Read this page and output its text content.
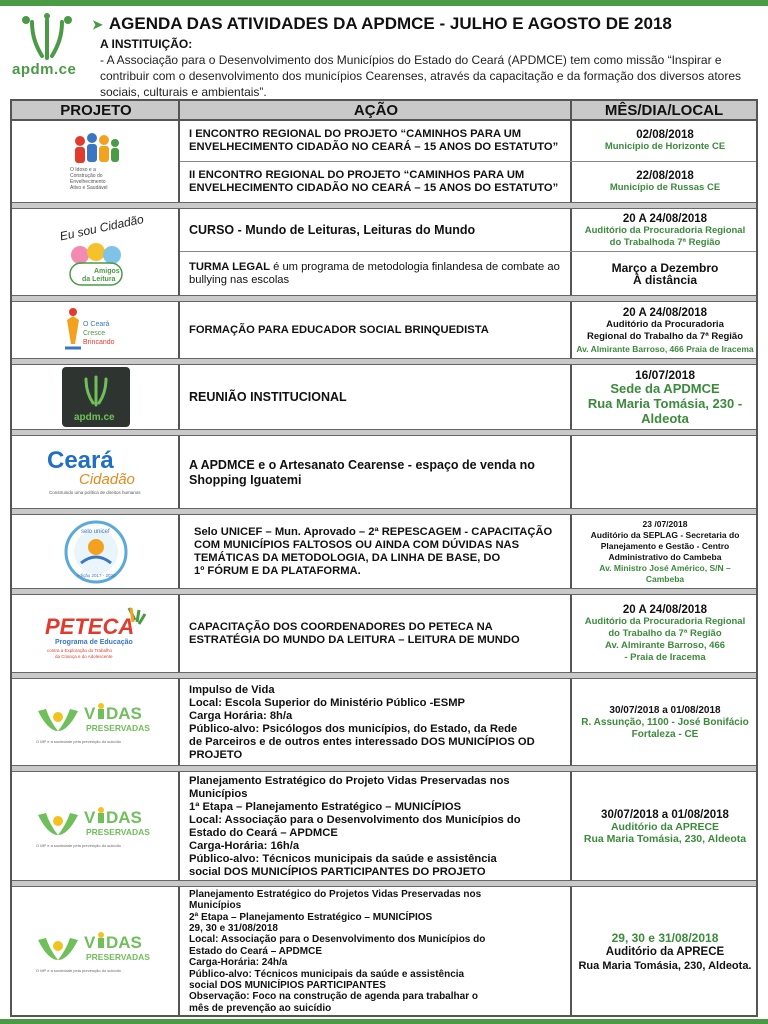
apdm.ce
➤ AGENDA DAS ATIVIDADES DA APDMCE - JULHO E AGOSTO DE 2018
A INSTITUIÇÃO:
- A Associação para o Desenvolvimento dos Municípios do Estado do Ceará (APDMCE) tem como missão “Inspirar e contribuir com o desenvolvimento dos municípios Cearenses, através da capacitação e da formação dos diversos atores sociais, culturais e ambientais”.
PROJETO	AÇÃO	MÊS/DIA/LOCAL
O Idoso e a
Construção do
Envelhecimento
Ativo e Saudável
I ENCONTRO REGIONAL DO PROJETO “CAMINHOS PARA UM
ENVELHECIMENTO CIDADÃO NO CEARÁ – 15 ANOS DO ESTATUTO”
02/08/2018
Município de Horizonte CE
II ENCONTRO REGIONAL DO PROJETO “CAMINHOS PARA UM
ENVELHECIMENTO CIDADÃO NO CEARÁ – 15 ANOS DO ESTATUTO”
22/08/2018
Município de Russas CE
Eu sou Cidadão
Amigos
da Leitura
CURSO - Mundo de Leituras, Leituras do Mundo
20 A 24/08/2018
Auditório da Procuradoria Regional
do Trabalhoda 7ª Região
TURMA LEGAL é um programa de metodologia finlandesa de combate ao bullying nas escolas
Março a Dezembro
À distância
O Ceará
Cresce
Brincando
FORMAÇÃO PARA EDUCADOR SOCIAL BRINQUEDISTA
20 A 24/08/2018
Auditório da Procuradoria
Regional do Trabalho da 7ª Região
Av. Almirante Barroso, 466 Praia de Iracema
apdm.ce
REUNIÃO INSTITUCIONAL
16/07/2018
Sede da APDMCE
Rua Maria Tomásia, 230 -
Aldeota
Ceará
Cidadão
Construindo uma política de direitos humanos
A APDMCE e o Artesanato Cearense - espaço de venda no
Shopping Iguatemi
selo unicef
edição 2017 - 2020
Selo UNICEF – Mun. Aprovado – 2ª REPESCAGEM - CAPACITAÇÃO
COM MUNICÍPIOS FALTOSOS OU AINDA COM DÚVIDAS NAS
TEMÁTICAS DA METODOLOGIA, DA LINHA DE BASE, DO
1º FÓRUM E DA PLATAFORMA.
23 /07/2018
Auditório da SEPLAG - Secretaria do
Planejamento e Gestão - Centro
Administrativo do Cambeba
Av. Ministro José Américo, S/N –
Cambeba
PETECA
Programa de Educação
contra a Exploração do Trabalho
da Criança e do Adolescente
CAPACITAÇÃO DOS COORDENADORES DO PETECA NA
ESTRATÉGIA DO MUNDO DA LEITURA – LEITURA DE MUNDO
20 A 24/08/2018
Auditório da Procuradoria Regional
do Trabalho da 7ª Região
Av. Almirante Barroso, 466
- Praia de Iracema
V DAS
PRESERVADAS
O MP e a sociedade pela prevenção do suicídio
Impulso de Vida
Local: Escola Superior do Ministério Público -ESMP
Carga Horária: 8h/a
Público-alvo: Psicólogos dos municípios, do Estado, da Rede
de Parceiros e de outros entes interessado DOS MUNICÍPIOS OD
PROJETO
30/07/2018 a 01/08/2018
R. Assunção, 1100 - José Bonifácio
Fortaleza - CE
V DAS
PRESERVADAS
O MP e a sociedade pela prevenção do suicídio
Planejamento Estratégico do Projeto Vidas Preservadas nos
Municípios
1ª Etapa – Planejamento Estratégico – MUNICÍPIOS
Local: Associação para o Desenvolvimento dos Municípios do
Estado do Ceará – APDMCE
Carga-Horária: 16h/a
Público-alvo: Técnicos municipais da saúde e assistência
social DOS MUNICÍPIOS PARTICIPANTES DO PROJETO
30/07/2018 a 01/08/2018
Auditório da APRECE
Rua Maria Tomásia, 230, Aldeota
V DAS
PRESERVADAS
O MP e a sociedade pela prevenção do suicídio
Planejamento Estratégico do Projetos Vidas Preservadas nos
Municípios
2ª Etapa – Planejamento Estratégico – MUNICÍPIOS
29, 30 e 31/08/2018
Local: Associação para o Desenvolvimento dos Municípios do
Estado do Ceará – APDMCE
Carga-Horária: 24h/a
Público-alvo: Técnicos municipais da saúde e assistência
social DOS MUNICÍPIOS PARTICIPANTES
Observação: Foco na construção de agenda para trabalhar o
mês de prevenção ao suicídio
29, 30 e 31/08/2018
Auditório da APRECE
Rua Maria Tomásia, 230, Aldeota.
